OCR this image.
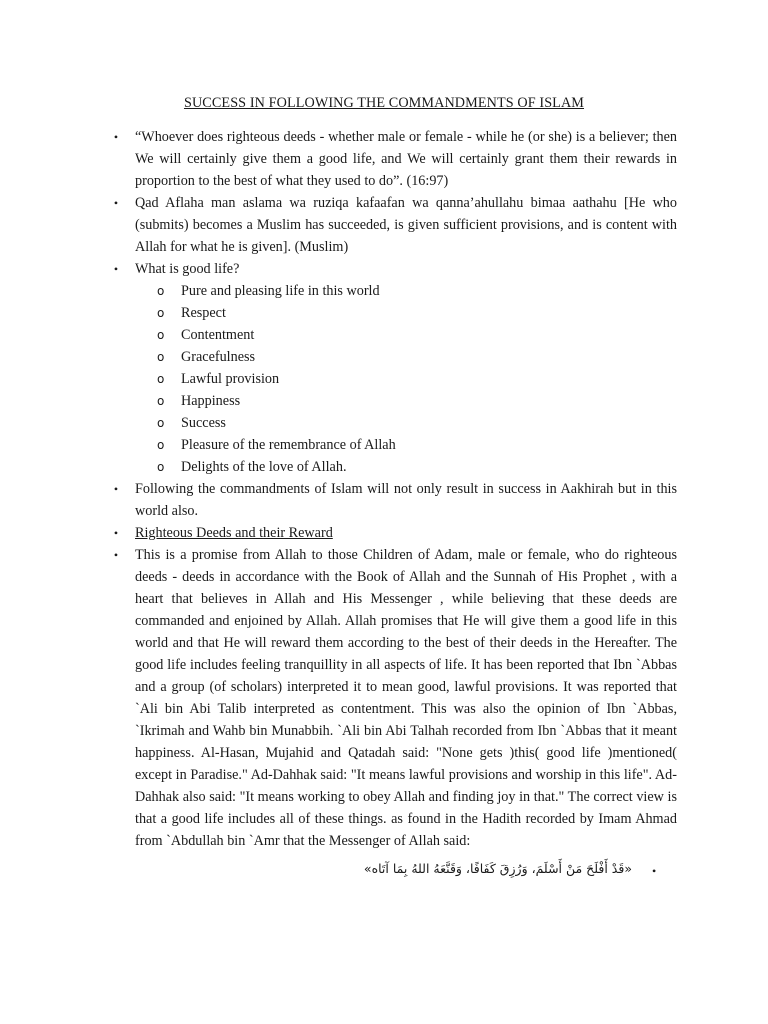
SUCCESS IN FOLLOWING THE COMMANDMENTS OF ISLAM
• “Whoever does righteous deeds - whether male or female - while he (or she) is a believer; then We will certainly give them a good life, and We will certainly grant them their rewards in proportion to the best of what they used to do”. (16:97)
• Qad Aflaha man aslama wa ruziqa kafaafan wa qanna’ahullahu bimaa aathahu [He who (submits) becomes a Muslim has succeeded, is given sufficient provisions, and is content with Allah for what he is given]. (Muslim)
• What is good life?
o Pure and pleasing life in this world
o Respect
o Contentment
o Gracefulness
o Lawful provision
o Happiness
o Success
o Pleasure of the remembrance of Allah
o Delights of the love of Allah.
• Following the commandments of Islam will not only result in success in Aakhirah but in this world also.
• Righteous Deeds and their Reward
• This is a promise from Allah to those Children of Adam, male or female, who do righteous deeds - deeds in accordance with the Book of Allah and the Sunnah of His Prophet , with a heart that believes in Allah and His Messenger , while believing that these deeds are commanded and enjoined by Allah. Allah promises that He will give them a good life in this world and that He will reward them according to the best of their deeds in the Hereafter. The good life includes feeling tranquillity in all aspects of life. It has been reported that Ibn `Abbas and a group (of scholars) interpreted it to mean good, lawful provisions. It was reported that `Ali bin Abi Talib interpreted as contentment. This was also the opinion of Ibn `Abbas, `Ikrimah and Wahb bin Munabbih. `Ali bin Abi Talhah recorded from Ibn `Abbas that it meant happiness. Al-Hasan, Mujahid and Qatadah said: "None gets )this( good life )mentioned( except in Paradise." Ad-Dahhak said: "It means lawful provisions and worship in this life". Ad-Dahhak also said: "It means working to obey Allah and finding joy in that." The correct view is that a good life includes all of these things. as found in the Hadith recorded by Imam Ahmad from `Abdullah bin `Amr that the Messenger of Allah said:
•
«قَدْ أَفْلَحَ مَنْ أَسْلَمَ، وَرُزِقَ كَفَافًا، وَقَنَّعَهُ اللهُ بِمَا آتَاه»
